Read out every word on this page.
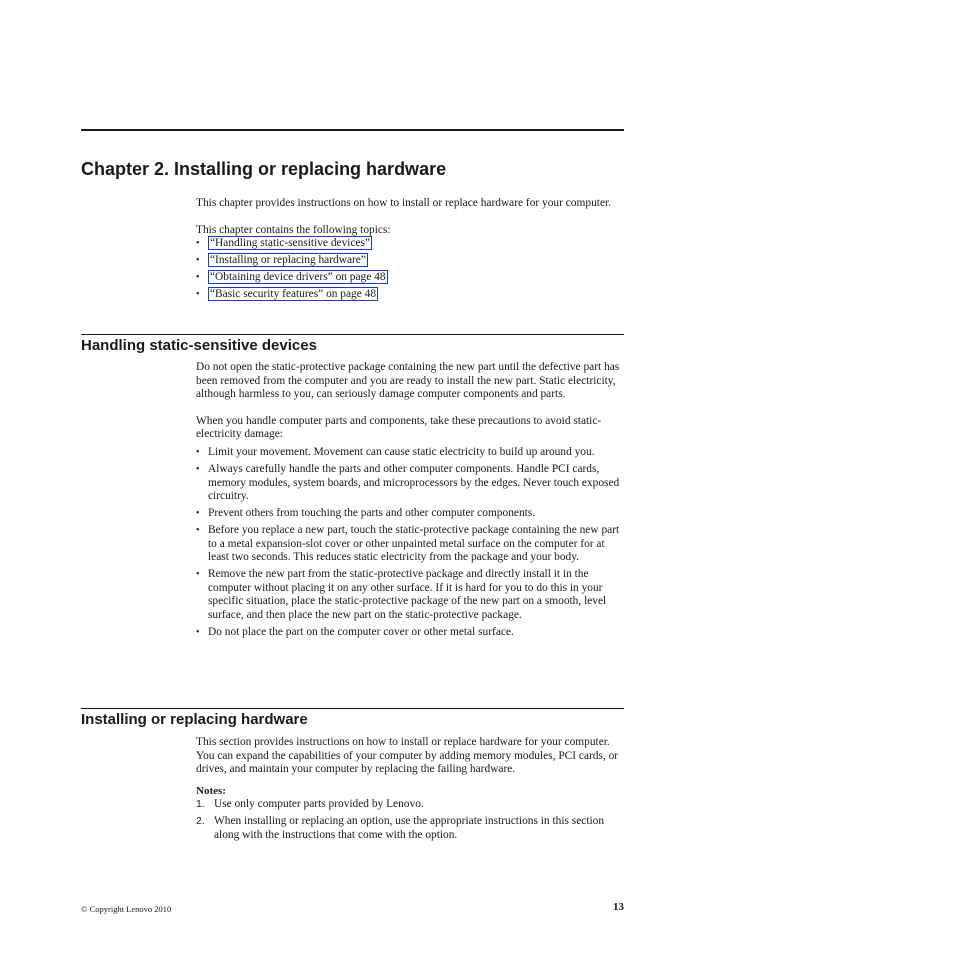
Chapter 2. Installing or replacing hardware

This chapter provides instructions on how to install or replace hardware for your computer.

This chapter contains the following topics:

• “Handling static-sensitive devices”
• “Installing or replacing hardware”
• “Obtaining device drivers” on page 48
• “Basic security features” on page 48
Handling static-sensitive devices

Do not open the static-protective package containing the new part until the defective part has been removed from the computer and you are ready to install the new part. Static electricity, although harmless to you, can seriously damage computer components and parts.

When you handle computer parts and components, take these precautions to avoid static-electricity damage:

• Limit your movement. Movement can cause static electricity to build up around you.
• Always carefully handle the parts and other computer components. Handle PCI cards, memory modules, system boards, and microprocessors by the edges. Never touch exposed circuitry.
• Prevent others from touching the parts and other computer components.
• Before you replace a new part, touch the static-protective package containing the new part to a metal expansion-slot cover or other unpainted metal surface on the computer for at least two seconds. This reduces static electricity from the package and your body.
• Remove the new part from the static-protective package and directly install it in the computer without placing it on any other surface. If it is hard for you to do this in your specific situation, place the static-protective package of the new part on a smooth, level surface, and then place the new part on the static-protective package.
• Do not place the part on the computer cover or other metal surface.
Installing or replacing hardware

This section provides instructions on how to install or replace hardware for your computer. You can expand the capabilities of your computer by adding memory modules, PCI cards, or drives, and maintain your computer by replacing the failing hardware.

Notes:

1. Use only computer parts provided by Lenovo.
2. When installing or replacing an option, use the appropriate instructions in this section along with the instructions that come with the option.
© Copyright Lenovo 2010	13
